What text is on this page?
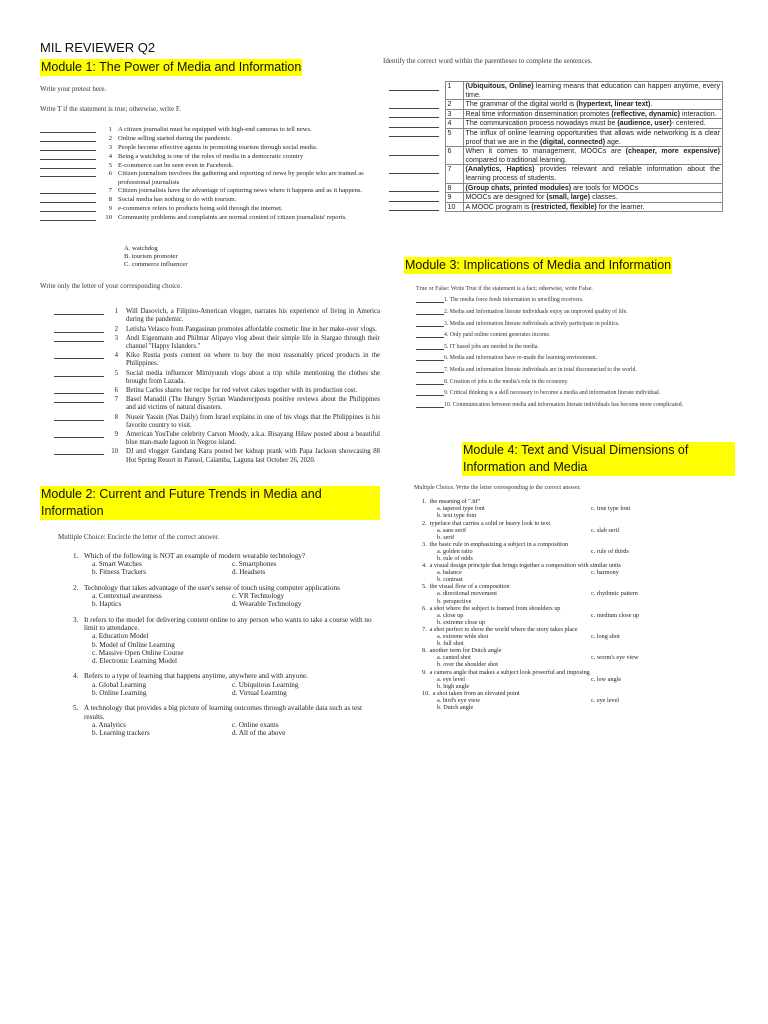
MIL REVIEWER Q2
Module 1: The Power of Media and Information
Write your pretest here.
Write T if the statement is true; otherwise, write F.
1 A citizen journalist must be equipped with high-end cameras to tell news.
2 Online selling started during the pandemic.
3 People become effective agents in promoting tourism through social media.
4 Being a watchdog is one of the roles of media in a democratic country
5 E-commerce can be seen even in Facebook.
6 Citizen journalism involves the gathering and reporting of news by people who are trained as professional journalists
7 Citizen journalists have the advantage of capturing news where it happens and as it happens.
8 Social media has nothing to do with tourism.
9 e-commerce refers to products being sold through the internet.
10 Community problems and complaints are normal content of citizen journalists' reports.
A. watchdog
B. tourism promoter
C. commerce influencer
Write only the letter of your corresponding choice.
1	Will Dasovich, a Filipino-American vlogger, narrates his experience of living in America during the pandemic.
2	Letisha Velasco from Pangasinan promotes affordable cosmetic line in her make-over vlogs.
3	Andi Eigenmann and Philmar Alipayo vlog about their simple life in Siargao through their channel "Happy Islanders."
4	Kiko Rustia posts content on where to buy the most reasonably priced products in the Philippines.
5	Social media influencer Mimiyuuuh vlogs about a trip while mentioning the clothes she brought from Lazada.
6	Betina Carlos shares her recipe for red velvet cakes together with its production cost.
7	Basel Manadil (The Hungry Syrian Wanderer)posts positive reviews about the Philippines and aid victims of natural disasters.
8	Nuseir Yassin (Nas Daily) from Israel explains in one of his vlogs that the Philippines is his favorite country to visit.
9	American YouTube celebrity Carson Moody, a.k.a. Bisayang Hilaw posted about a beautiful blue man-made lagoon in Negros island.
10	DJ and vlogger Gandang Kara posted her kidnap prank with Papa Jackson showcasing 88 Hot Spring Resort in Pansol, Calamba, Laguna last October 26, 2020.
Module 2: Current and Future Trends in Media and Information
Multiple Choice: Encircle the letter of the correct answer.
1. Which of the following is NOT an example of modern wearable technology?
a. Smart Watches	c. Smartphones
b. Fitness Trackers	d. Headsets
2. Technology that takes advantage of the user's sense of touch using computer applications
a. Contextual awareness	c. VR Technology
b. Haptics	d. Wearable Technology
3. It refers to the model for delivering content online to any person who wants to take a course with no limit to attendance.
a. Education Model
b. Model of Online Learning
c. Massive Open Online Course
d. Electronic Learning Model
4. Refers to a type of learning that happens anytime, anywhere and with anyone.
a. Global Learning	c. Ubiquitous Learning
b. Online Learning	d. Virtual Learning
5. A technology that provides a big picture of learning outcomes through available data such as test results.
a. Analytics	c. Online exams
b. Learning trackers	d. All of the above
Identify the correct word within the parentheses to complete the sentences.
	1	(Ubiquitous, Online) learning means that education can happen anytime, every time.

	2	The grammar of the digital world is (hypertext, linear text).

	3	Real time information dissemination promotes (reflective, dynamic) interaction.

	4	The communication process nowadays must be (audience, user)- centered.

	5	The influx of online learning opportunities that allows wide networking is a clear proof that we are in the (digital, connected) age.

	6	When it comes to management, MOOCs are (cheaper, more expensive) compared to traditional learning.

	7	(Analytics, Haptics) provides relevant and reliable information about the learning process of students.

	8	(Group chats, printed modules) are tools for MOOCs

	9	MOOCs are designed for (small, large) classes.

	10	A MOOC program is (restricted, flexible) for the learner.
Module 3: Implications of Media and Information
True or False: Write True if the statement is a fact; otherwise, write False.
1. The media force feeds information to unwilling receivers.
2. Media and Information literate individuals enjoy an improved quality of life.
3. Media and information literate individuals actively participate in politics.
4. Only paid online content generates income.
5. IT based jobs are needed in the media.
6. Media and information have re-made the learning environment.
7. Media and information literate individuals are in total disconnected to the world.
8. Creation of jobs is the media's role in the economy.
9. Critical thinking is a skill necessary to become a media and information literate individual.
10. Communication between media and information literate individuals has become more complicated.
Module 4: Text and Visual Dimensions of Information and Media
Multiple Choice. Write the letter corresponding to the correct answer.
1. the meaning of ".ttf"
a. tapered type font	c. true type font
b. text type font
2. typeface that carries a solid or heavy look to text
a. sans serif	c. slab serif
b. serif
3. the basic rule in emphasizing a subject in a composition
a. golden ratio	c. rule of thirds
b. rule of odds
4. a visual design principle that brings together a composition with similar units
a. balance	c. harmony
b. contrast
5. the visual flow of a composition
a. directional movement	c. rhythmic pattern
b. perspective
6. a shot where the subject is framed from shoulders up
a. close up	c. medium close up
b. extreme close up
7. a shot perfect to show the world where the story takes place
a. extreme wide shot	c. long shot
b. full shot
8. another term for Dutch angle
a. canted shot	c. worm's eye view
b. over the shoulder shot
9. a camera angle that makes a subject look powerful and imposing
a. eye level	c. low angle
b. high angle
10. a shot taken from an elevated point
a. bird's eye view	c. eye level
b. Dutch angle
